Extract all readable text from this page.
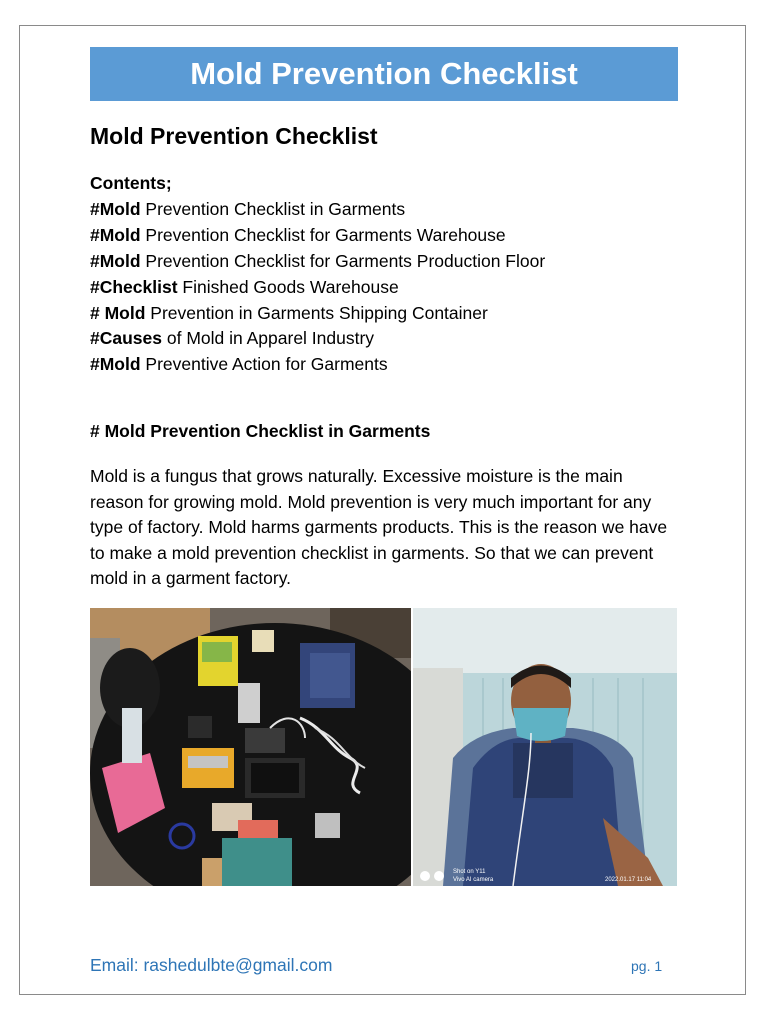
Mold Prevention Checklist
Mold Prevention Checklist
Contents;
#Mold Prevention Checklist in Garments
#Mold Prevention Checklist for Garments Warehouse
#Mold Prevention Checklist for Garments Production Floor
#Checklist Finished Goods Warehouse
# Mold Prevention in Garments Shipping Container
#Causes of Mold in Apparel Industry
#Mold Preventive Action for Garments
# Mold Prevention Checklist in Garments

Mold is a fungus that grows naturally. Excessive moisture is the main reason for growing mold. Mold prevention is very much important for any type of factory. Mold harms garments products. This is the reason we have to make a mold prevention checklist in garments. So that we can prevent mold in a garment factory.

Shot on Y11
Vivo AI camera	2022.01.17 11:04
Email: rashedulbte@gmail.com	pg. 1
